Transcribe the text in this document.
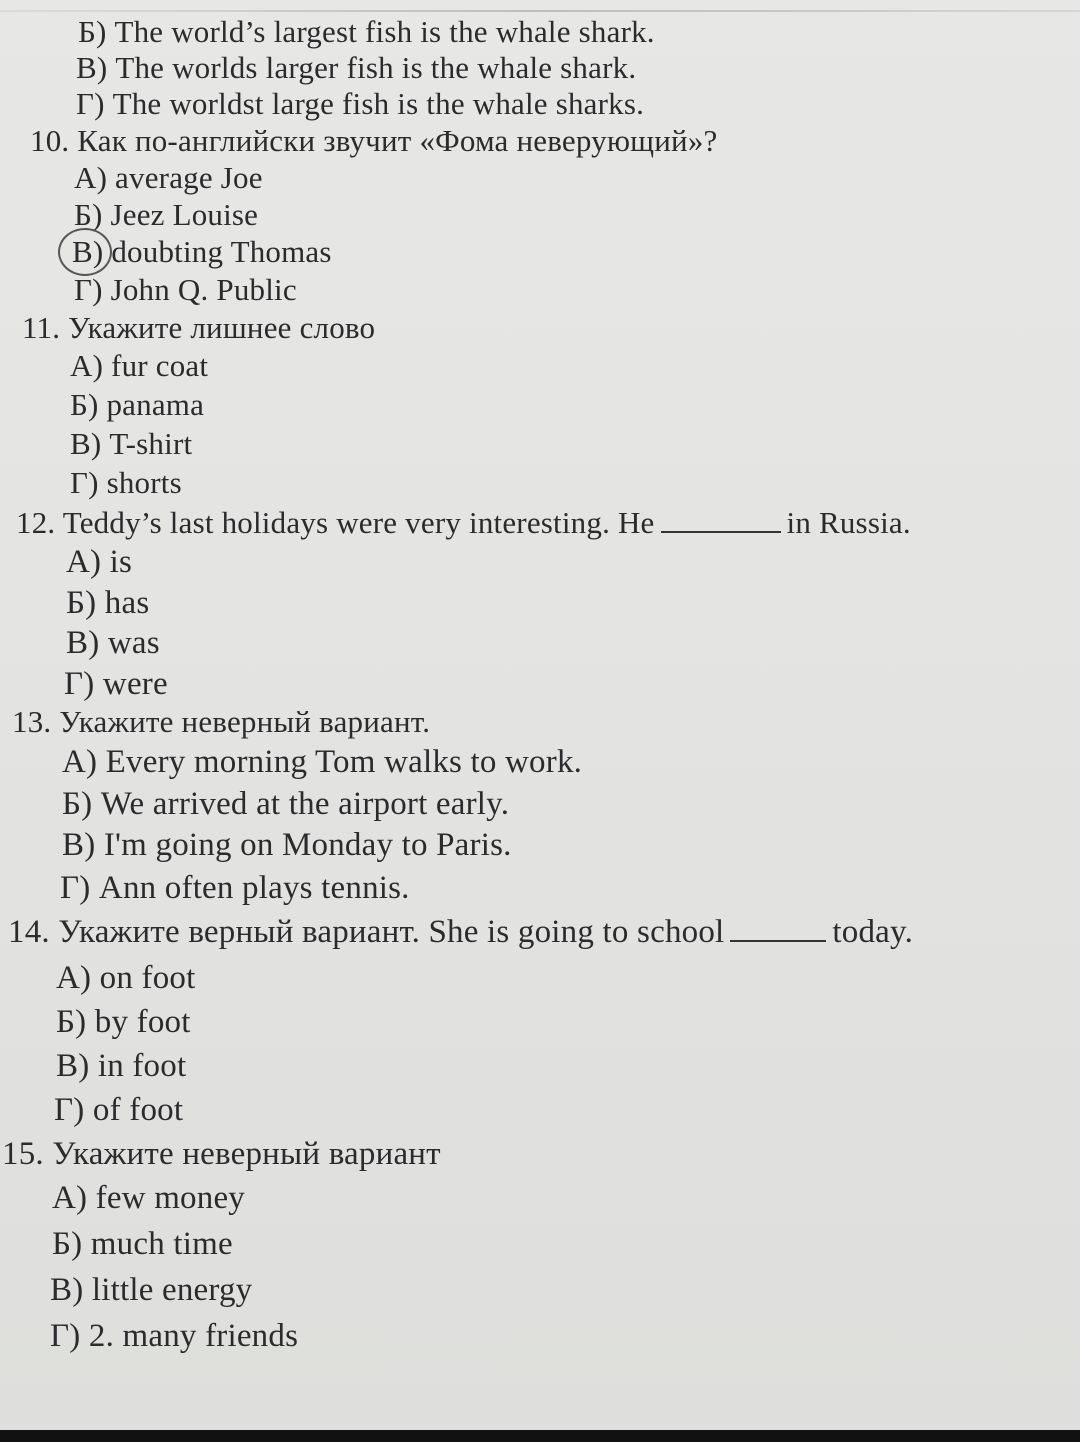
Б) The world’s largest fish is the whale shark.
В) The worlds larger fish is the whale shark.
Г) The worldst large fish is the whale sharks.
10. Как по-английски звучит «Фома неверующий»?
А) average Joe
Б) Jeez Louise
В) doubting Thomas
Г) John Q. Public
11. Укажите лишнее слово
А) fur coat
Б) panama
В) T-shirt
Г) shorts
12. Teddy’s last holidays were very interesting. He	in Russia.
А) is
Б) has
В) was
Г) were
13. Укажите неверный вариант.
А) Every morning Tom walks to work.
Б) We arrived at the airport early.
В) I'm going on Monday to Paris.
Г) Ann often plays tennis.
14. Укажите верный вариант. She is going to school	today.
А) on foot
Б) by foot
В) in foot
Г) of foot
15. Укажите неверный вариант
А) few money
Б) much time
В) little energy
Г) 2. many friends
